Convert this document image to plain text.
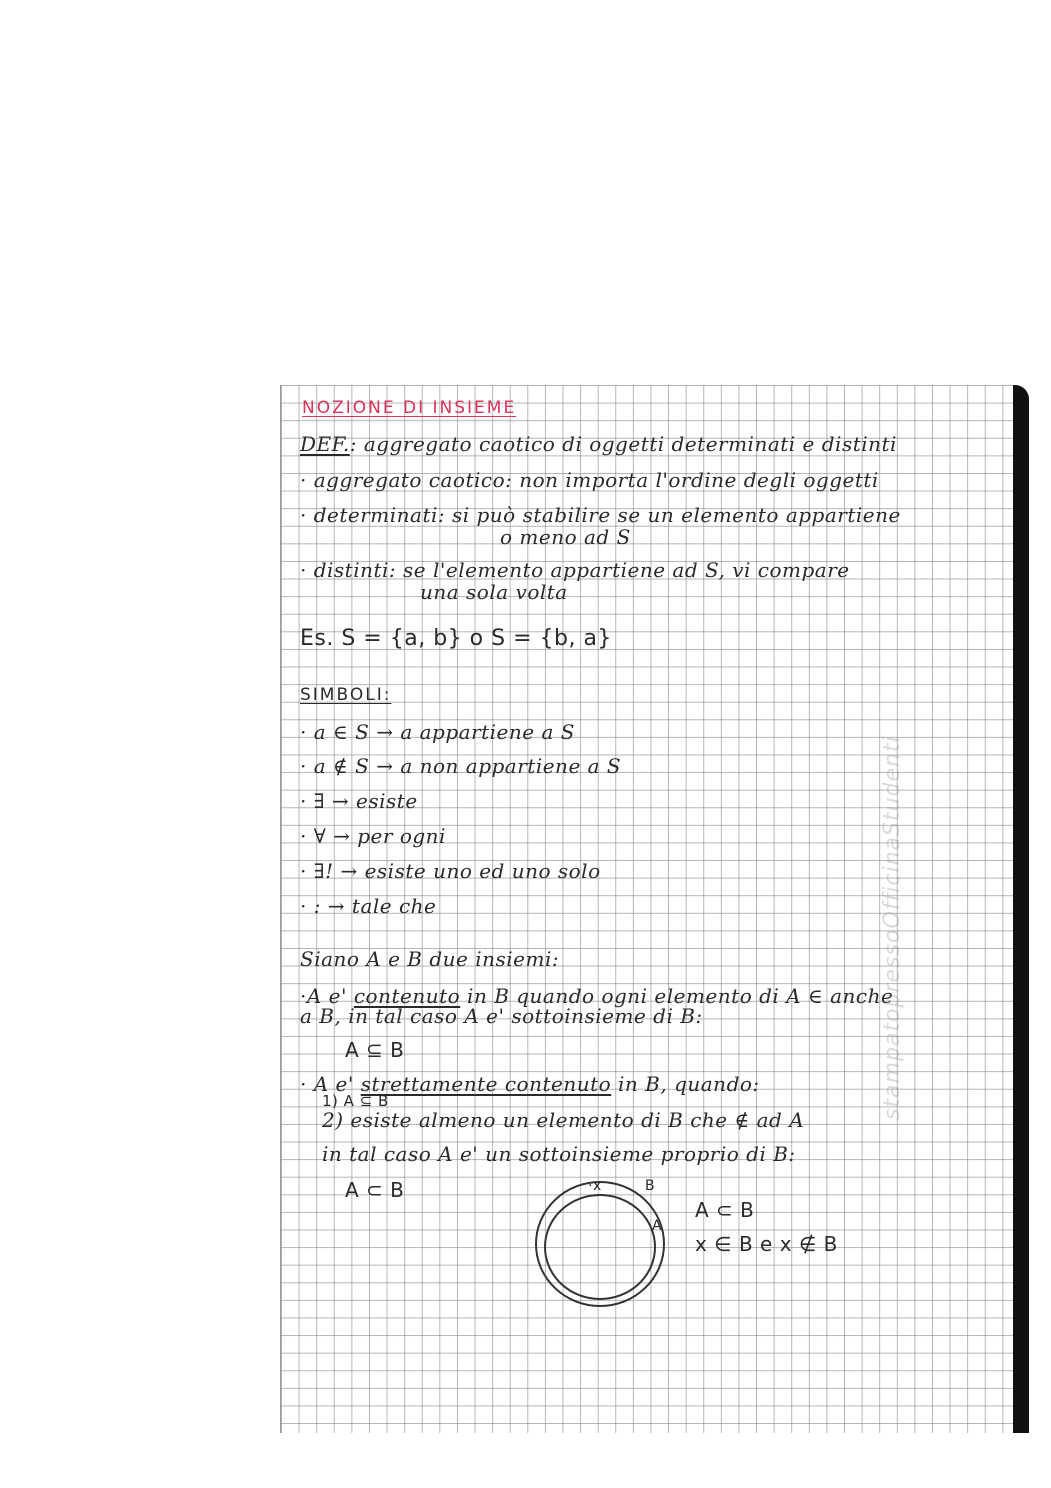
NOZIONE DI INSIEME
DEF.: aggregato caotico di oggetti determinati e distinti
· aggregato caotico: non importa l'ordine degli oggetti
· determinati: si può stabilire se un elemento appartiene
o meno ad S
· distinti: se l'elemento appartiene ad S, vi compare
una sola volta
Es. S = {a, b} o S = {b, a}
SIMBOLI:
· a ∈ S → a appartiene a S
· a ∉ S → a non appartiene a S
· ∃ → esiste
· ∀ → per ogni
· ∃! → esiste uno ed uno solo
· : → tale che
Siano A e B due insiemi:
·A e' contenuto in B quando ogni elemento di A ∈ anche
a B, in tal caso A e' sottoinsieme di B:
A ⊆ B
· A e' strettamente contenuto in B, quando:
1) A ⊆ B
2) esiste almeno un elemento di B che ∉ ad A
in tal caso A e' un sottoinsieme proprio di B:
A ⊂ B	·x	B
A
A ⊂ B
x ∈ B e x ∉ B
stampatopressoOfficinaStudenti
